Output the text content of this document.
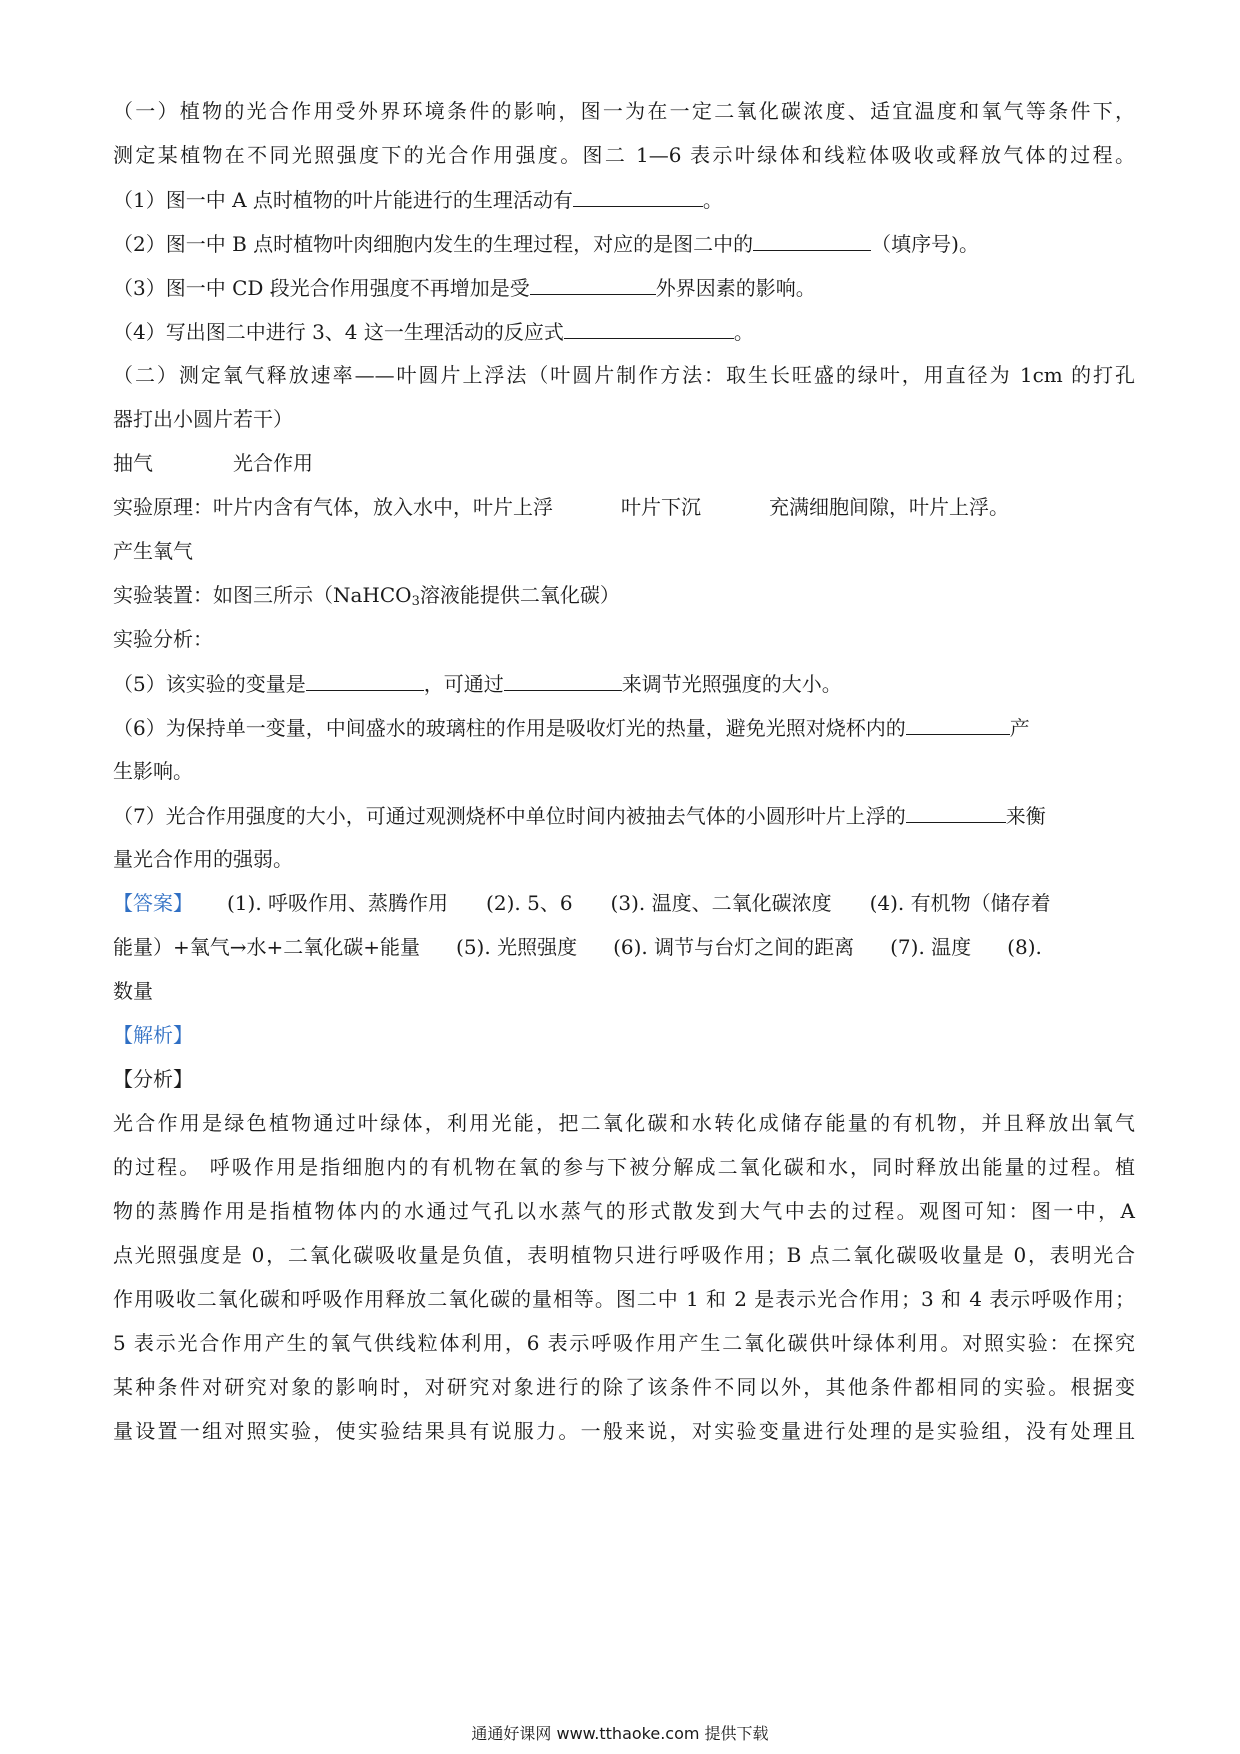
（一）植物的光合作用受外界环境条件的影响，图一为在一定二氧化碳浓度、适宜温度和氧气等条件下，
测定某植物在不同光照强度下的光合作用强度。图二 1—6 表示叶绿体和线粒体吸收或释放气体的过程。
（1）图一中 A 点时植物的叶片能进行的生理活动有	。
（2）图一中 B 点时植物叶肉细胞内发生的生理过程，对应的是图二中的	（填序号)。
（3）图一中 CD 段光合作用强度不再增加是受	外界因素的影响。
（4）写出图二中进行 3、4 这一生理活动的反应式	。
（二）测定氧气释放速率——叶圆片上浮法（叶圆片制作方法：取生长旺盛的绿叶，用直径为 1cm 的打孔
器打出小圆片若干）
抽气	光合作用
实验原理：叶片内含有气体，放入水中，叶片上浮	叶片下沉	充满细胞间隙，叶片上浮。
产生氧气
实验装置：如图三所示（NaHCO$_3$溶液能提供二氧化碳）
实验分析：
（5）该实验的变量是	，可通过	来调节光照强度的大小。
（6）为保持单一变量，中间盛水的玻璃柱的作用是吸收灯光的热量，避免光照对烧杯内的	产
生影响。
（7）光合作用强度的大小，可通过观测烧杯中单位时间内被抽去气体的小圆形叶片上浮的	来衡
量光合作用的强弱。
【答案】 (1). 呼吸作用、蒸腾作用 (2). 5、6 (3). 温度、二氧化碳浓度 (4). 有机物（储存着
能量）+氧气→水+二氧化碳+能量 (5). 光照强度 (6). 调节与台灯之间的距离 (7). 温度 (8).
数量
【解析】
【分析】
光合作用是绿色植物通过叶绿体，利用光能，把二氧化碳和水转化成储存能量的有机物，并且释放出氧气
的过程。 呼吸作用是指细胞内的有机物在氧的参与下被分解成二氧化碳和水，同时释放出能量的过程。植
物的蒸腾作用是指植物体内的水通过气孔以水蒸气的形式散发到大气中去的过程。观图可知：图一中，A
点光照强度是 0，二氧化碳吸收量是负值，表明植物只进行呼吸作用；B 点二氧化碳吸收量是 0，表明光合
作用吸收二氧化碳和呼吸作用释放二氧化碳的量相等。图二中 1 和 2 是表示光合作用；3 和 4 表示呼吸作用；
5 表示光合作用产生的氧气供线粒体利用，6 表示呼吸作用产生二氧化碳供叶绿体利用。对照实验：在探究
某种条件对研究对象的影响时，对研究对象进行的除了该条件不同以外，其他条件都相同的实验。根据变
量设置一组对照实验，使实验结果具有说服力。一般来说，对实验变量进行处理的是实验组，没有处理且
通通好课网 www.tthaoke.com 提供下载
